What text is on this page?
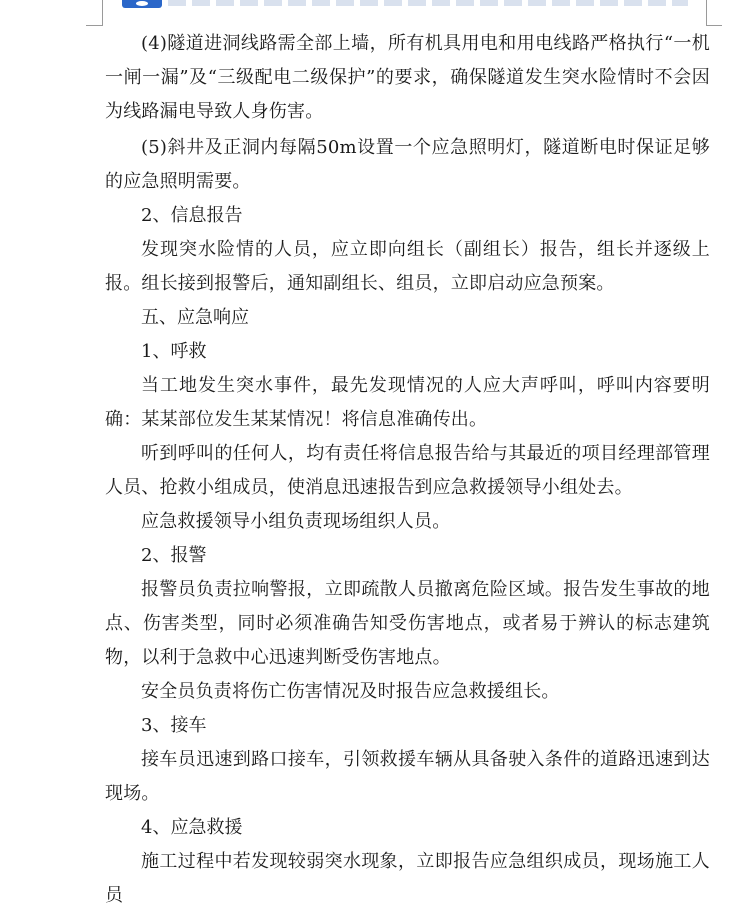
(4)隧道进洞线路需全部上墙，所有机具用电和用电线路严格执行“一机一闸一漏”及“三级配电二级保护”的要求，确保隧道发生突水险情时不会因为线路漏电导致人身伤害。

(5)斜井及正洞内每隔50m设置一个应急照明灯，隧道断电时保证足够的应急照明需要。

2、信息报告

发现突水险情的人员，应立即向组长（副组长）报告，组长并逐级上报。组长接到报警后，通知副组长、组员，立即启动应急预案。

五、应急响应

1、呼救

当工地发生突水事件，最先发现情况的人应大声呼叫，呼叫内容要明确：某某部位发生某某情况！将信息准确传出。

听到呼叫的任何人，均有责任将信息报告给与其最近的项目经理部管理人员、抢救小组成员，使消息迅速报告到应急救援领导小组处去。

应急救援领导小组负责现场组织人员。

2、报警

报警员负责拉响警报，立即疏散人员撤离危险区域。报告发生事故的地点、伤害类型，同时必须准确告知受伤害地点，或者易于辨认的标志建筑物，以利于急救中心迅速判断受伤害地点。

安全员负责将伤亡伤害情况及时报告应急救援组长。

3、接车

接车员迅速到路口接车，引领救援车辆从具备驶入条件的道路迅速到达现场。

4、应急救援

施工过程中若发现较弱突水现象，立即报告应急组织成员，现场施工人员
